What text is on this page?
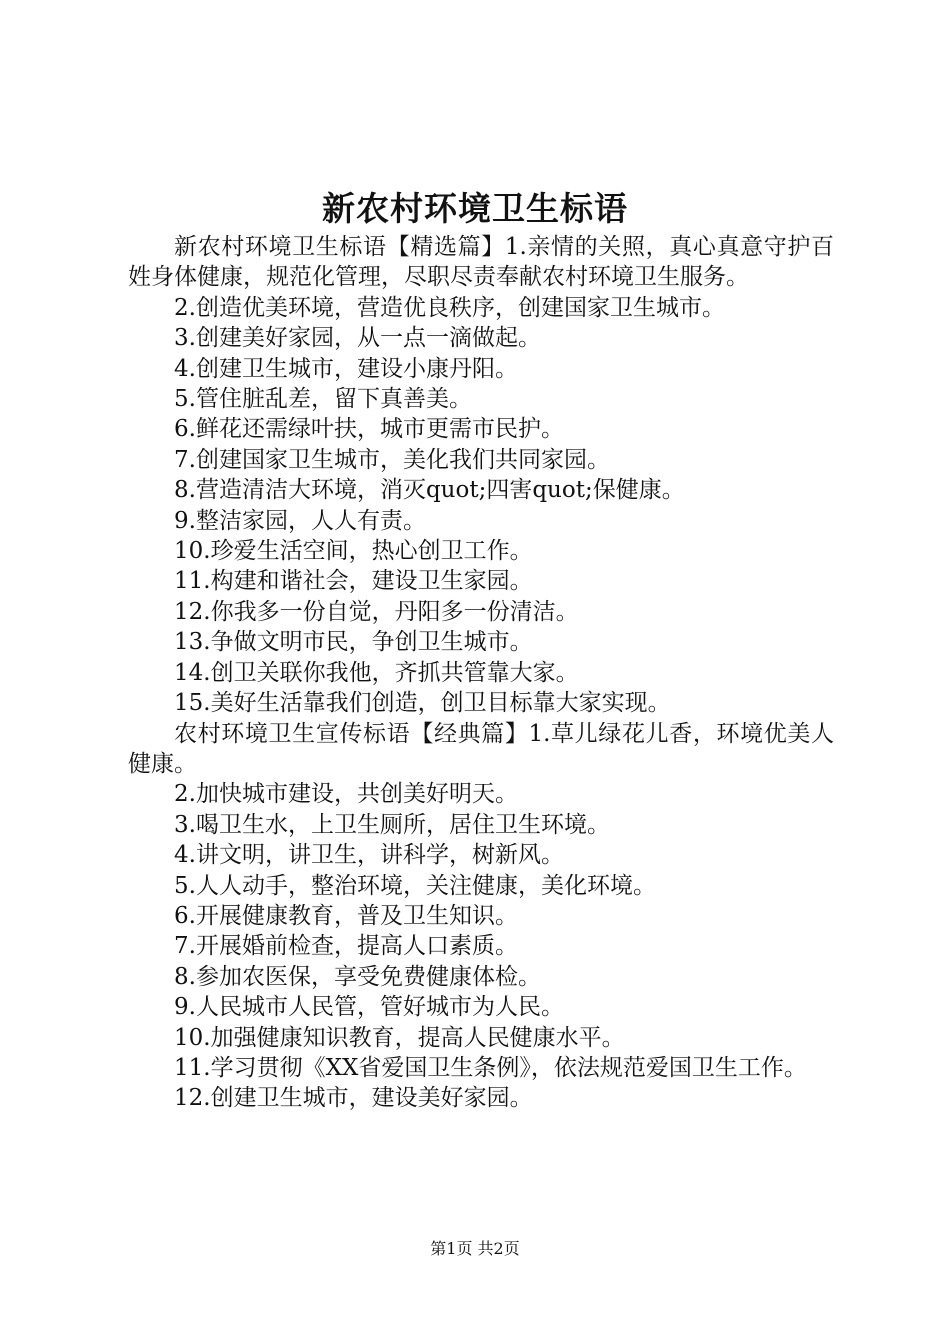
新农村环境卫生标语

新农村环境卫生标语【精选篇】1.亲情的关照，真心真意守护百姓身体健康，规范化管理，尽职尽责奉献农村环境卫生服务。

2.创造优美环境，营造优良秩序，创建国家卫生城市。

3.创建美好家园，从一点一滴做起。

4.创建卫生城市，建设小康丹阳。

5.管住脏乱差，留下真善美。

6.鲜花还需绿叶扶，城市更需市民护。

7.创建国家卫生城市，美化我们共同家园。

8.营造清洁大环境，消灭quot;四害quot;保健康。

9.整洁家园，人人有责。

10.珍爱生活空间，热心创卫工作。

11.构建和谐社会，建设卫生家园。

12.你我多一份自觉，丹阳多一份清洁。

13.争做文明市民，争创卫生城市。

14.创卫关联你我他，齐抓共管靠大家。

15.美好生活靠我们创造，创卫目标靠大家实现。

农村环境卫生宣传标语【经典篇】1.草儿绿花儿香，环境优美人健康。

2.加快城市建设，共创美好明天。

3.喝卫生水，上卫生厕所，居住卫生环境。

4.讲文明，讲卫生，讲科学，树新风。

5.人人动手，整治环境，关注健康，美化环境。

6.开展健康教育，普及卫生知识。

7.开展婚前检查，提高人口素质。

8.参加农医保，享受免费健康体检。

9.人民城市人民管，管好城市为人民。

10.加强健康知识教育，提高人民健康水平。

11.学习贯彻《XX省爱国卫生条例》，依法规范爱国卫生工作。

12.创建卫生城市，建设美好家园。

第1页 共2页
